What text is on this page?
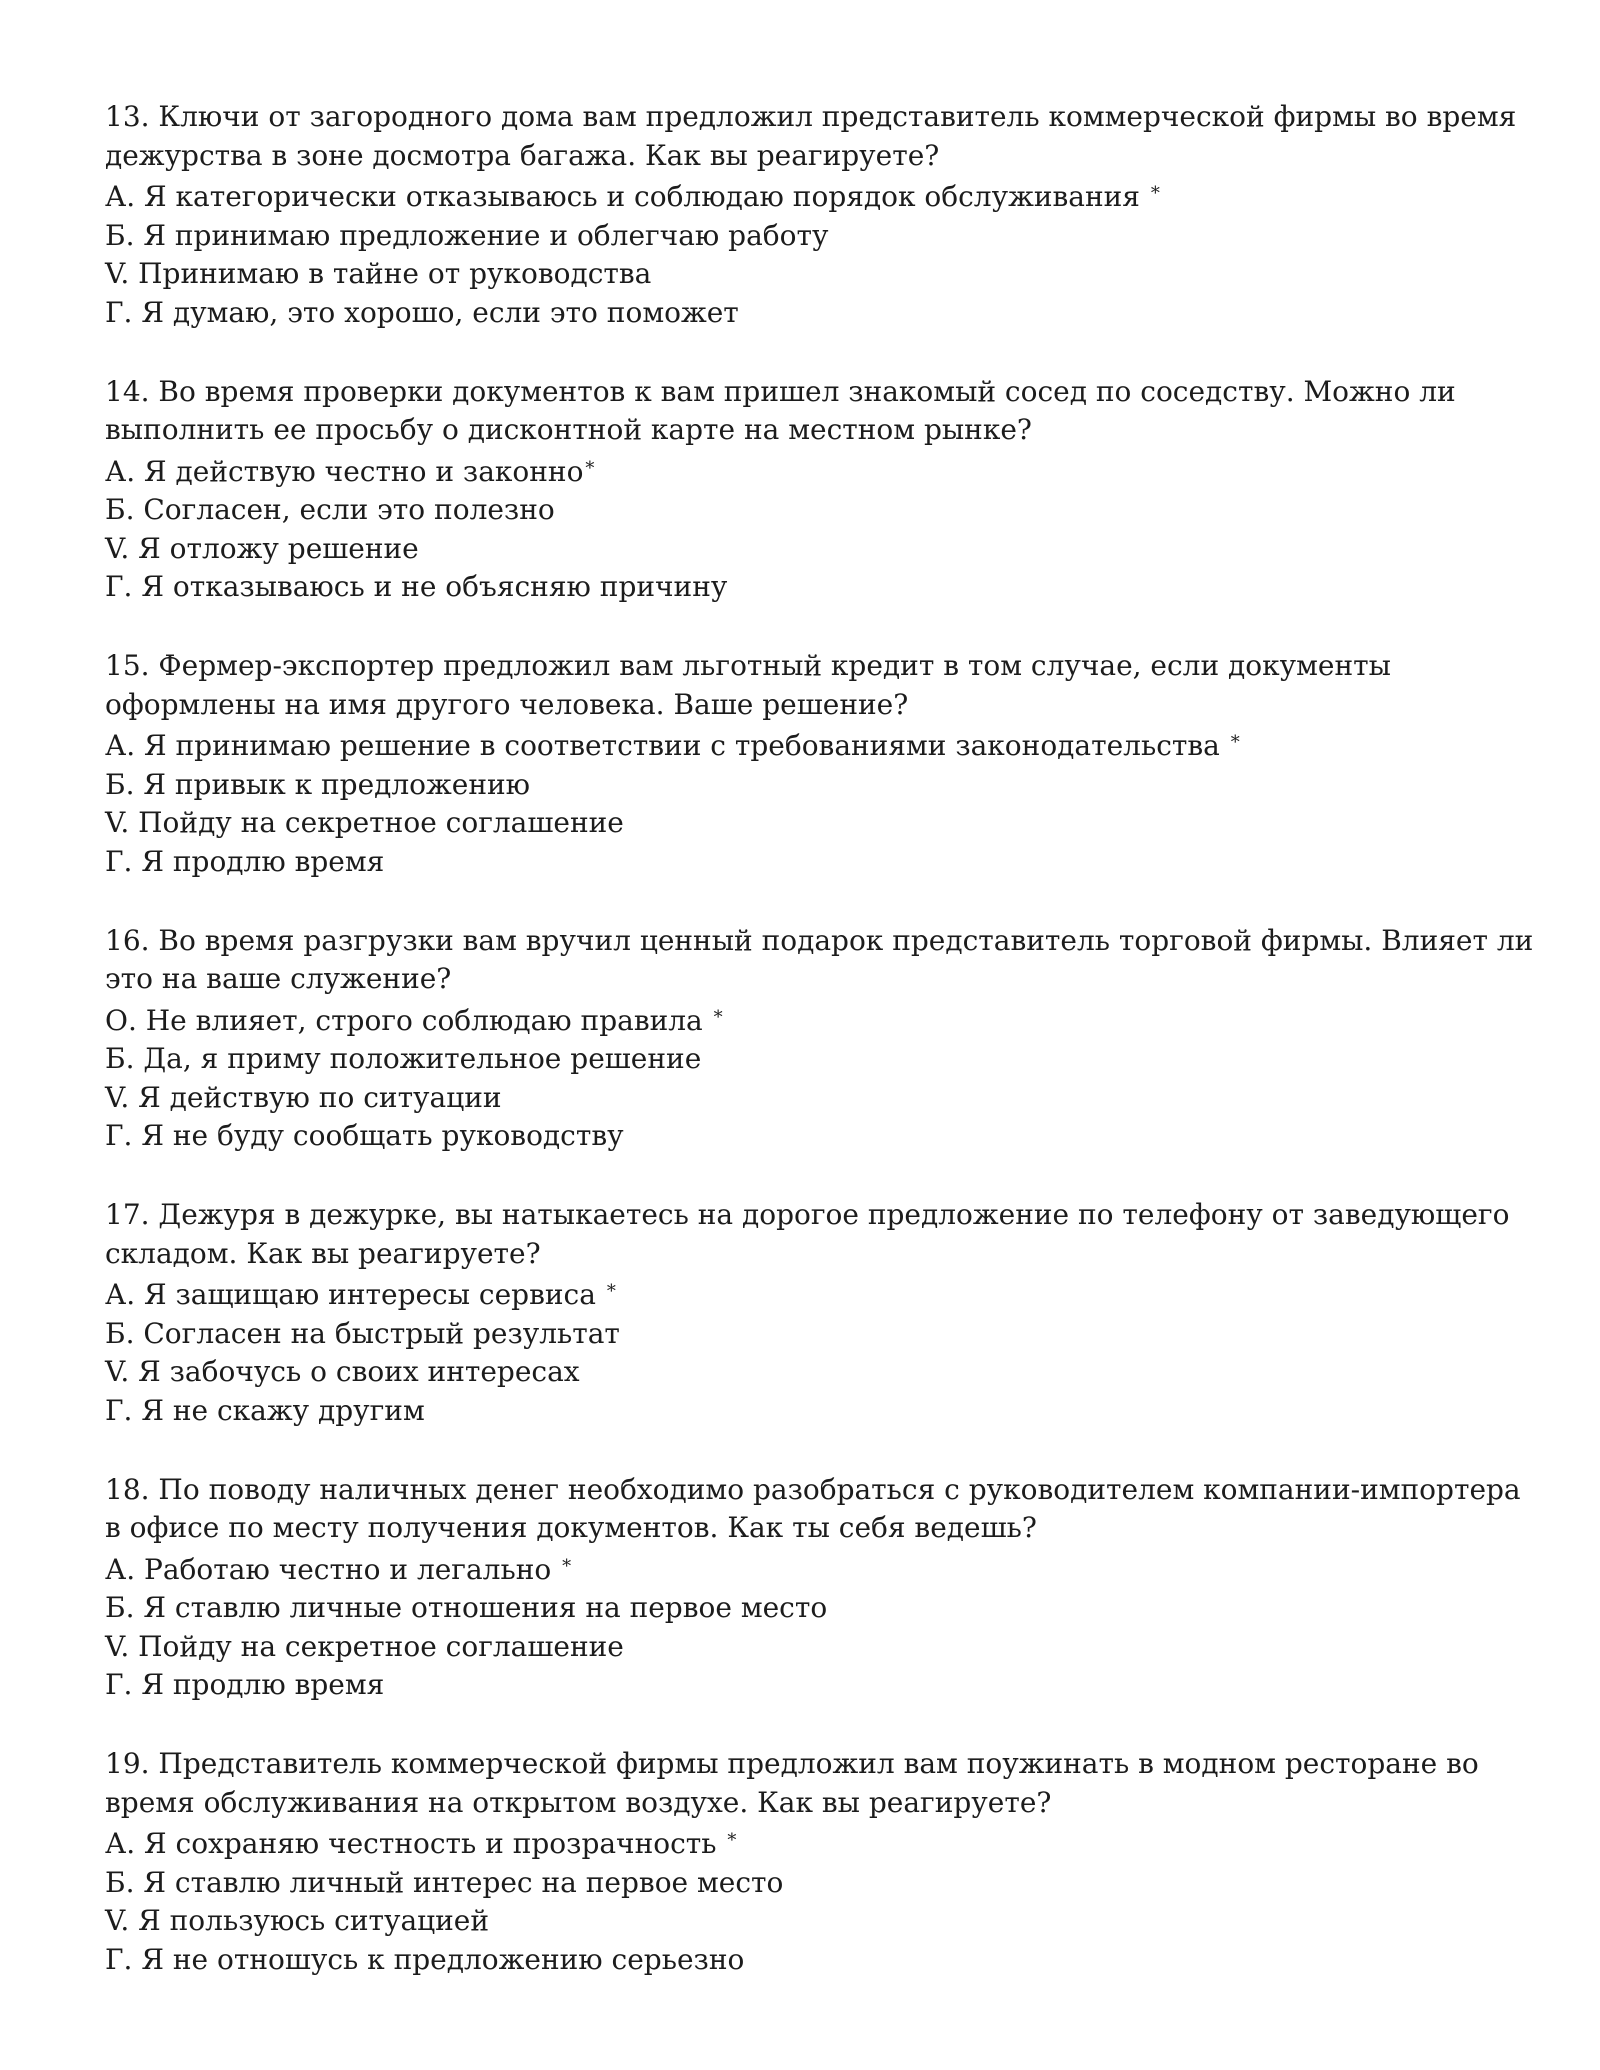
13. Ключи от загородного дома вам предложил представитель коммерческой фирмы во время
дежурства в зоне досмотра багажа. Как вы реагируете?

А. Я категорически отказываюсь и соблюдаю порядок обслуживания *
Б. Я принимаю предложение и облегчаю работу
V. Принимаю в тайне от руководства
Г. Я думаю, это хорошо, если это поможет

14. Во время проверки документов к вам пришел знакомый сосед по соседству. Можно ли
выполнить ее просьбу о дисконтной карте на местном рынке?

А. Я действую честно и законно *
Б. Согласен, если это полезно
V. Я отложу решение
Г. Я отказываюсь и не объясняю причину

15. Фермер-экспортер предложил вам льготный кредит в том случае, если документы
оформлены на имя другого человека. Ваше решение?

А. Я принимаю решение в соответствии с требованиями законодательства *
Б. Я привык к предложению
V. Пойду на секретное соглашение
Г. Я продлю время

16. Во время разгрузки вам вручил ценный подарок представитель торговой фирмы. Влияет ли
это на ваше служение?

О. Не влияет, строго соблюдаю правила *
Б. Да, я приму положительное решение
V. Я действую по ситуации
Г. Я не буду сообщать руководству

17. Дежуря в дежурке, вы натыкаетесь на дорогое предложение по телефону от заведующего
складом. Как вы реагируете?

А. Я защищаю интересы сервиса *
Б. Согласен на быстрый результат
V. Я забочусь о своих интересах
Г. Я не скажу другим

18. По поводу наличных денег необходимо разобраться с руководителем компании-импортера
в офисе по месту получения документов. Как ты себя ведешь?

А. Работаю честно и легально *
Б. Я ставлю личные отношения на первое место
V. Пойду на секретное соглашение
Г. Я продлю время

19. Представитель коммерческой фирмы предложил вам поужинать в модном ресторане во
время обслуживания на открытом воздухе. Как вы реагируете?

А. Я сохраняю честность и прозрачность *
Б. Я ставлю личный интерес на первое место
V. Я пользуюсь ситуацией
Г. Я не отношусь к предложению серьезно
